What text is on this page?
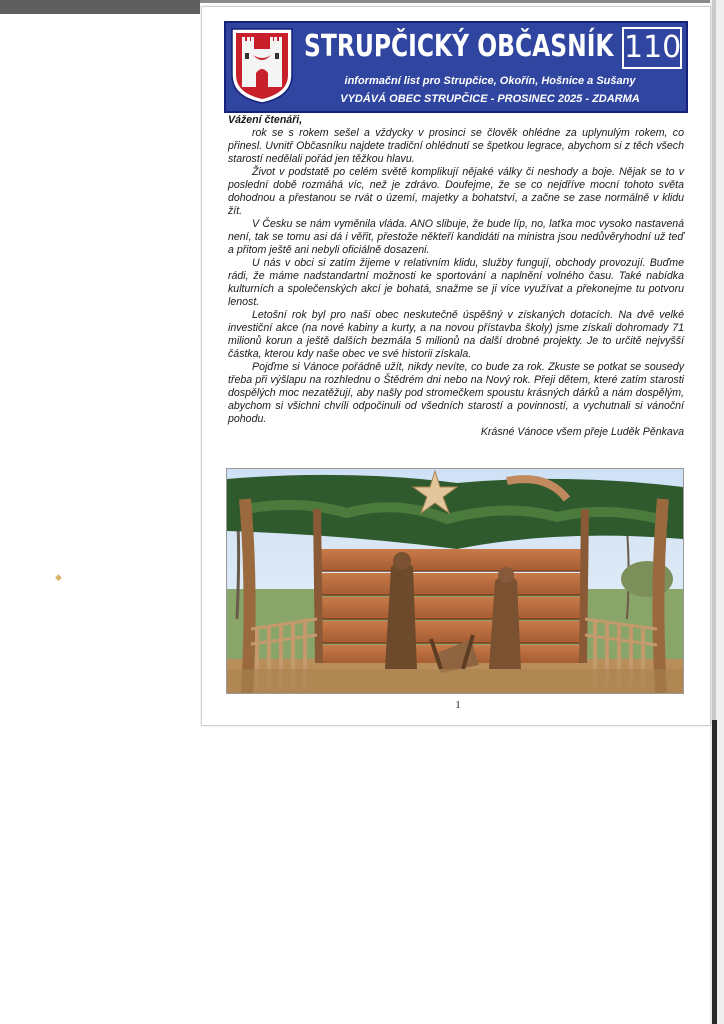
◆
STRUPČICKÝ OBČASNÍK 110
informační list pro Strupčice, Okořín, Hošnice a Sušany
VYDÁVÁ OBEC STRUPČICE - PROSINEC 2025 - ZDARMA
Vážení čtenáři,

rok se s rokem sešel a vždycky v prosinci se člověk ohlédne za uplynulým rokem, co přinesl. Uvnitř Občasníku najdete tradiční ohlédnutí se špetkou legrace, abychom si z těch všech starostí nedělali pořád jen těžkou hlavu.

Život v podstatě po celém světě komplikují nějaké války či neshody a boje. Nějak se to v poslední době rozmáhá víc, než je zdrávo. Doufejme, že se co nejdříve mocní tohoto světa dohodnou a přestanou se rvát o území, majetky a bohatství, a začne se zase normálně v klidu žít.

V Česku se nám vyměnila vláda. ANO slibuje, že bude líp, no, laťka moc vysoko nastavená není, tak se tomu asi dá i věřit, přestože někteří kandidáti na ministra jsou nedůvěryhodní už teď a přitom ještě ani nebyli oficiálně dosazeni.

U nás v obci si zatím žijeme v relativním klidu, služby fungují, obchody provozují. Buďme rádi, že máme nadstandartní možnosti ke sportování a naplnění volného času. Také nabídka kulturních a společenských akcí je bohatá, snažme se ji více využívat a překonejme tu potvoru lenost.

Letošní rok byl pro naši obec neskutečně úspěšný v získaných dotacích. Na dvě velké investiční akce (na nové kabiny a kurty, a na novou přístavba školy) jsme získali dohromady 71 milionů korun a ještě dalších bezmála 5 milionů na další drobné projekty. Je to určitě nejvyšší částka, kterou kdy naše obec ve své historii získala.

Pojďme si Vánoce pořádně užít, nikdy nevíte, co bude za rok. Zkuste se potkat se sousedy třeba při výšlapu na rozhlednu o Štědrém dni nebo na Nový rok. Přeji dětem, které zatím starosti dospělých moc nezatěžují, aby našly pod stromečkem spoustu krásných dárků a nám dospělým, abychom si všichni chvíli odpočinuli od všedních starostí a povinností, a vychutnali si vánoční pohodu.

Krásné Vánoce všem přeje Luděk Pěnkava

1
